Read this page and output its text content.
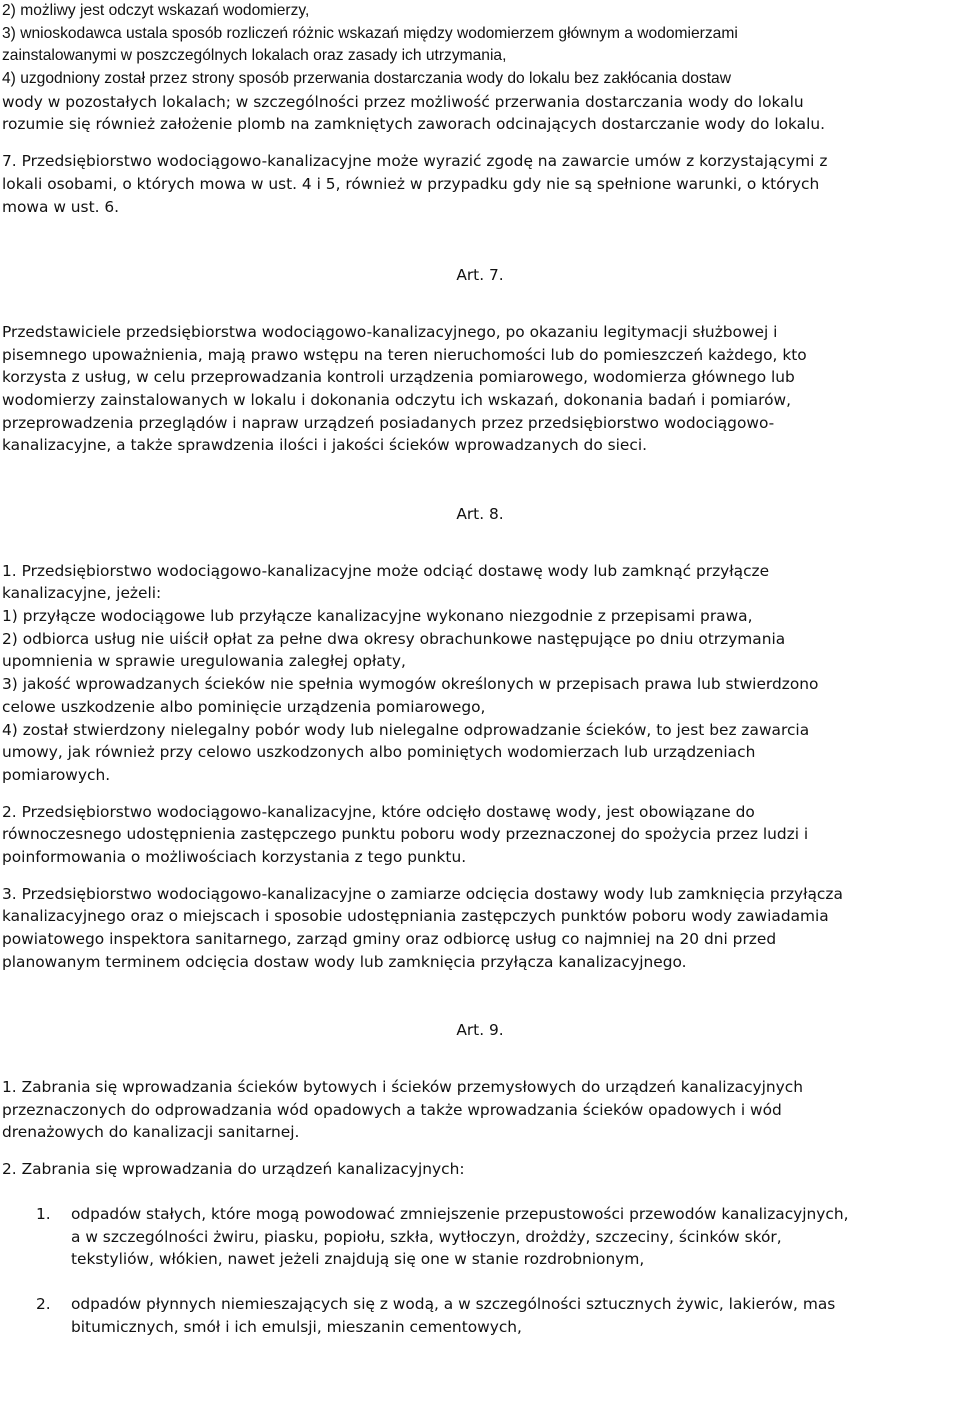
2) możliwy jest odczyt wskazań wodomierzy,
3) wnioskodawca ustala sposób rozliczeń różnic wskazań między wodomierzem głównym a wodomierzami
zainstalowanymi w poszczególnych lokalach oraz zasady ich utrzymania,
4) uzgodniony został przez strony sposób przerwania dostarczania wody do lokalu bez zakłócania dostaw
wody w pozostałych lokalach; w szczególności przez możliwość przerwania dostarczania wody do lokalu
rozumie się również założenie plomb na zamkniętych zaworach odcinających dostarczanie wody do lokalu.
7. Przedsiębiorstwo wodociągowo-kanalizacyjne może wyrazić zgodę na zawarcie umów z korzystającymi z
lokali osobami, o których mowa w ust. 4 i 5, również w przypadku gdy nie są spełnione warunki, o których
mowa w ust. 6.
Art. 7.
Przedstawiciele przedsiębiorstwa wodociągowo-kanalizacyjnego, po okazaniu legitymacji służbowej i
pisemnego upoważnienia, mają prawo wstępu na teren nieruchomości lub do pomieszczeń każdego, kto
korzysta z usług, w celu przeprowadzania kontroli urządzenia pomiarowego, wodomierza głównego lub
wodomierzy zainstalowanych w lokalu i dokonania odczytu ich wskazań, dokonania badań i pomiarów,
przeprowadzenia przeglądów i napraw urządzeń posiadanych przez przedsiębiorstwo wodociągowo-
kanalizacyjne, a także sprawdzenia ilości i jakości ścieków wprowadzanych do sieci.
Art. 8.
1. Przedsiębiorstwo wodociągowo-kanalizacyjne może odciąć dostawę wody lub zamknąć przyłącze
kanalizacyjne, jeżeli:
1) przyłącze wodociągowe lub przyłącze kanalizacyjne wykonano niezgodnie z przepisami prawa,
2) odbiorca usług nie uiścił opłat za pełne dwa okresy obrachunkowe następujące po dniu otrzymania
upomnienia w sprawie uregulowania zaległej opłaty,
3) jakość wprowadzanych ścieków nie spełnia wymogów określonych w przepisach prawa lub stwierdzono
celowe uszkodzenie albo pominięcie urządzenia pomiarowego,
4) został stwierdzony nielegalny pobór wody lub nielegalne odprowadzanie ścieków, to jest bez zawarcia
umowy, jak również przy celowo uszkodzonych albo pominiętych wodomierzach lub urządzeniach
pomiarowych.
2. Przedsiębiorstwo wodociągowo-kanalizacyjne, które odcięło dostawę wody, jest obowiązane do
równoczesnego udostępnienia zastępczego punktu poboru wody przeznaczonej do spożycia przez ludzi i
poinformowania o możliwościach korzystania z tego punktu.
3. Przedsiębiorstwo wodociągowo-kanalizacyjne o zamiarze odcięcia dostawy wody lub zamknięcia przyłącza
kanalizacyjnego oraz o miejscach i sposobie udostępniania zastępczych punktów poboru wody zawiadamia
powiatowego inspektora sanitarnego, zarząd gminy oraz odbiorcę usług co najmniej na 20 dni przed
planowanym terminem odcięcia dostaw wody lub zamknięcia przyłącza kanalizacyjnego.
Art. 9.
1. Zabrania się wprowadzania ścieków bytowych i ścieków przemysłowych do urządzeń kanalizacyjnych
przeznaczonych do odprowadzania wód opadowych a także wprowadzania ścieków opadowych i wód
drenażowych do kanalizacji sanitarnej.
2. Zabrania się wprowadzania do urządzeń kanalizacyjnych:
1. odpadów stałych, które mogą powodować zmniejszenie przepustowości przewodów kanalizacyjnych,
a w szczególności żwiru, piasku, popiołu, szkła, wytłoczyn, drożdży, szczeciny, ścinków skór,
tekstyliów, włókien, nawet jeżeli znajdują się one w stanie rozdrobnionym,
2. odpadów płynnych niemieszających się z wodą, a w szczególności sztucznych żywic, lakierów, mas
bitumicznych, smół i ich emulsji, mieszanin cementowych,
